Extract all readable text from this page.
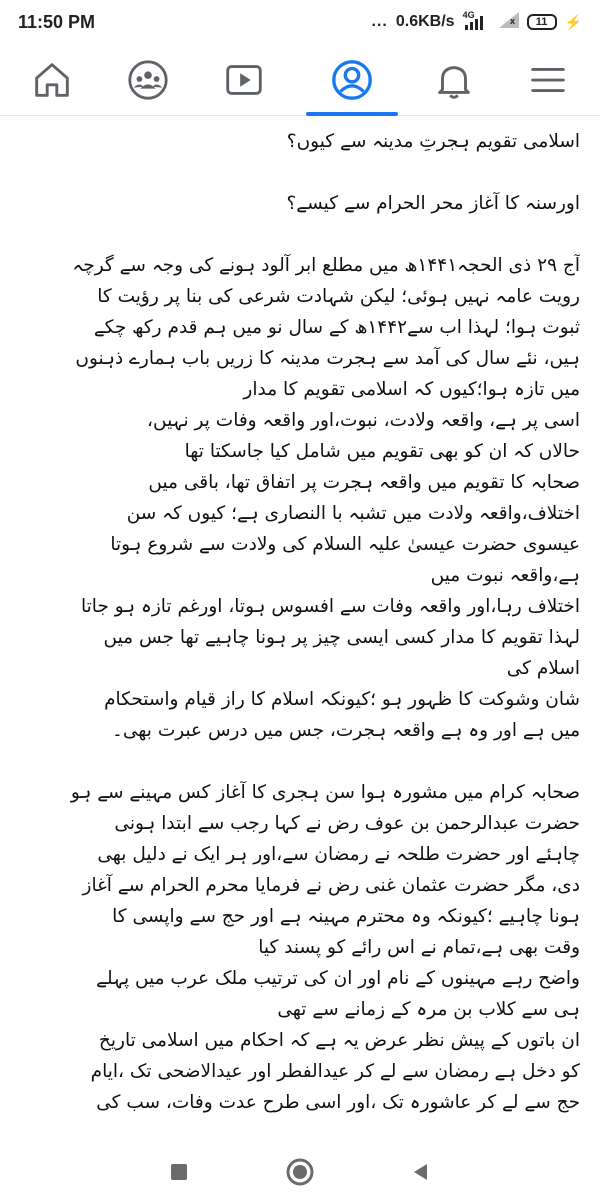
11:50 PM	... 0.6KB/s 4G
x 11 ⚡

اسلامی تقویم ہجرتِ مدینہ سے کیوں؟

اورسنہ کا آغاز محر الحرام سے کیسے؟

آج ۲۹ ذی الحجہ۱۴۴۱ھ میں مطلع ابر آلود ہونے کی وجہ سے گرچہ

رویت عامہ نہیں ہوئی؛ لیکن شہادت شرعی کی بنا پر رؤیت کا

ثبوت ہوا؛ لہذا اب سے۱۴۴۲ھ کے سال نو میں ہم قدم رکھ چکے

ہیں، نئے سال کی آمد سے ہجرت مدینہ کا زریں باب ہمارے ذہنوں

میں تازہ ہوا؛کیوں کہ اسلامی تقویم کا مدار

اسی پر ہے، واقعہ ولادت، نبوت،اور واقعہ وفات پر نہیں،

حالاں کہ ان کو بھی تقویم میں شامل کیا جاسکتا تھا

صحابہ کا تقویم میں واقعہ ہجرت پر اتفاق تھا، باقی میں

اختلاف،واقعہ ولادت میں تشبہ با النصاری ہے؛ کیوں کہ سن

عیسوی حضرت عیسیٰ علیہ السلام کی ولادت سے شروع ہوتا

ہے،واقعہ نبوت میں

اختلاف رہا،اور واقعہ وفات سے افسوس ہوتا، اورغم تازہ ہو جاتا

لہذا تقویم کا مدار کسی ایسی چیز پر ہونا چاہیے تھا جس میں

اسلام کی

شان وشوکت کا ظہور ہو ؛کیونکہ اسلام کا راز قیام واستحکام

میں ہے اور وہ ہے واقعہ ہجرت، جس میں درس عبرت بھی۔

صحابہ کرام میں مشورہ ہوا سن ہجری کا آغاز کس مہینے سے ہو

حضرت عبدالرحمن بن عوف رض نے کہا رجب سے ابتدا ہونی

چاہئے اور حضرت طلحہ نے رمضان سے،اور ہر ایک نے دلیل بھی

دی، مگر حضرت عثمان غنی رض نے فرمایا محرم الحرام سے آغاز

ہونا چاہیے ؛کیونکہ وہ محترم مہینہ ہے اور حج سے واپسی کا

وقت بھی ہے،تمام نے اس رائے کو پسند کیا

واضح رہے مہینوں کے نام اور ان کی ترتیب ملک عرب میں پہلے

ہی سے کلاب بن مرہ کے زمانے سے تھی

ان باتوں کے پیش نظر عرض یہ ہے کہ احکام میں اسلامی تاریخ

کو دخل ہے رمضان سے لے کر عیدالفطر اور عیدالاضحی تک ،ایام

حج سے لے کر عاشورہ تک ،اور اسی طرح عدت وفات، سب کی
